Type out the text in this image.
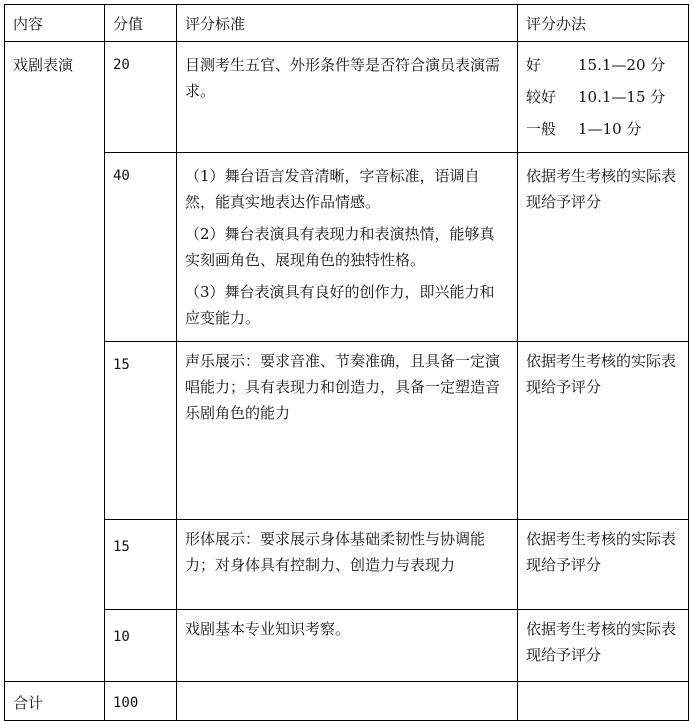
内容	分值	评分标准	评分办法
戏剧表演	20	目测考生五官、外形条件等是否符合演员表演需求。	好 15.1—20 分
较好 10.1—15 分
一般 1—10 分

	40	（1）舞台语言发音清晰，字音标准，语调自然，能真实地表达作品情感。
（2）舞台表演具有表现力和表演热情，能够真实刻画角色、展现角色的独特性格。
（3）舞台表演具有良好的创作力，即兴能力和应变能力。	依据考生考核的实际表现给予评分
	15	声乐展示：要求音准、节奏准确，且具备一定演唱能力；具有表现力和创造力，具备一定塑造音乐剧角色的能力	依据考生考核的实际表现给予评分
	15	形体展示：要求展示身体基础柔韧性与协调能力；对身体具有控制力、创造力与表现力	依据考生考核的实际表现给予评分
	10	戏剧基本专业知识考察。	依据考生考核的实际表现给予评分
合计	100		
